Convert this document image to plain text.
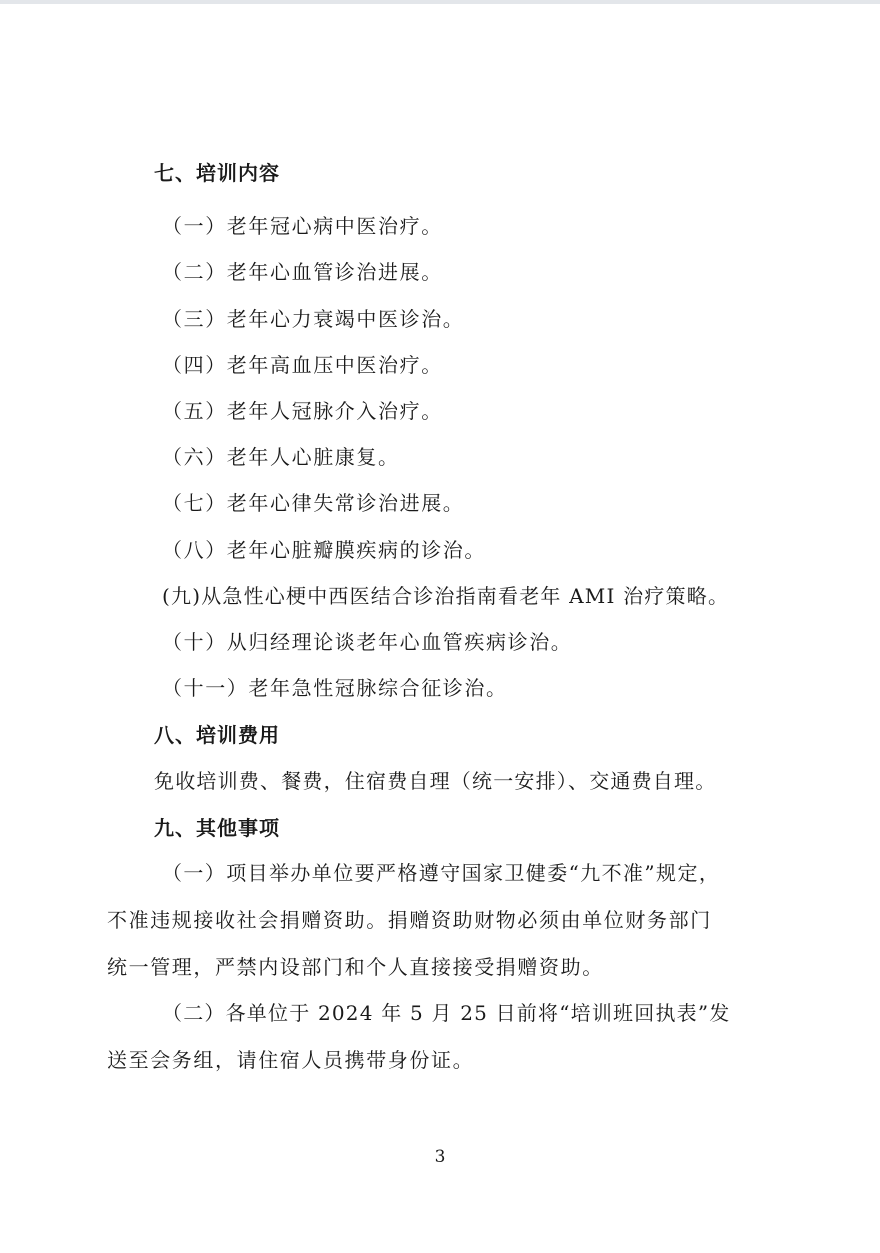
七、培训内容
（一）老年冠心病中医治疗。
（二）老年心血管诊治进展。
（三）老年心力衰竭中医诊治。
（四）老年高血压中医治疗。
（五）老年人冠脉介入治疗。
（六）老年人心脏康复。
（七）老年心律失常诊治进展。
（八）老年心脏瓣膜疾病的诊治。
(九)从急性心梗中西医结合诊治指南看老年 AMI 治疗策略。
（十）从归经理论谈老年心血管疾病诊治。
（十一）老年急性冠脉综合征诊治。
八、培训费用
免收培训费、餐费，住宿费自理（统一安排）、交通费自理。
九、其他事项
（一）项目举办单位要严格遵守国家卫健委“九不准”规定，
不准违规接收社会捐赠资助。捐赠资助财物必须由单位财务部门
统一管理，严禁内设部门和个人直接接受捐赠资助。
（二）各单位于 2024 年 5 月 25 日前将“培训班回执表”发
送至会务组，请住宿人员携带身份证。
3
